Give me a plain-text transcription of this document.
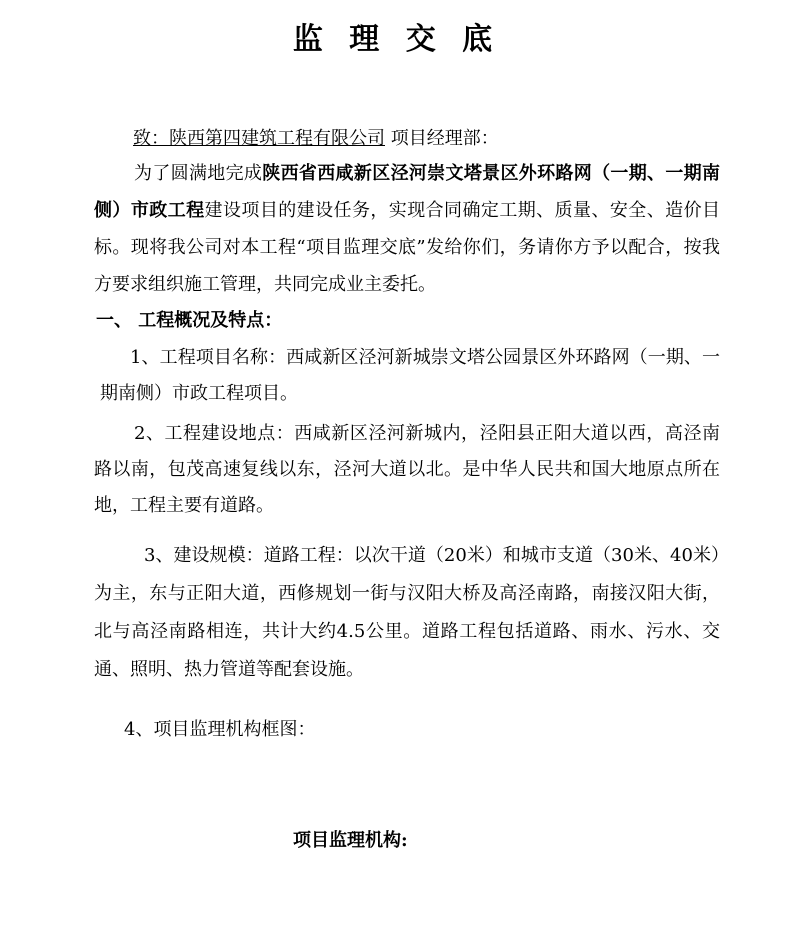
监 理 交 底
致：陕西第四建筑工程有限公司 项目经理部：
为了圆满地完成陕西省西咸新区泾河崇文塔景区外环路网（一期、一期南侧）市政工程建设项目的建设任务，实现合同确定工期、质量、安全、造价目标。现将我公司对本工程“项目监理交底”发给你们，务请你方予以配合，按我方要求组织施工管理，共同完成业主委托。
一、 工程概况及特点：
1、工程项目名称：西咸新区泾河新城崇文塔公园景区外环路网（一期、一期南侧）市政工程项目。
2、工程建设地点：西咸新区泾河新城内，泾阳县正阳大道以西，高泾南路以南，包茂高速复线以东，泾河大道以北。是中华人民共和国大地原点所在地，工程主要有道路。
3、建设规模：道路工程：以次干道（20米）和城市支道（30米、40米）为主，东与正阳大道，西修规划一街与汉阳大桥及高泾南路，南接汉阳大街，北与高泾南路相连，共计大约4.5公里。道路工程包括道路、雨水、污水、交通、照明、热力管道等配套设施。
4、项目监理机构框图：
项目监理机构:
